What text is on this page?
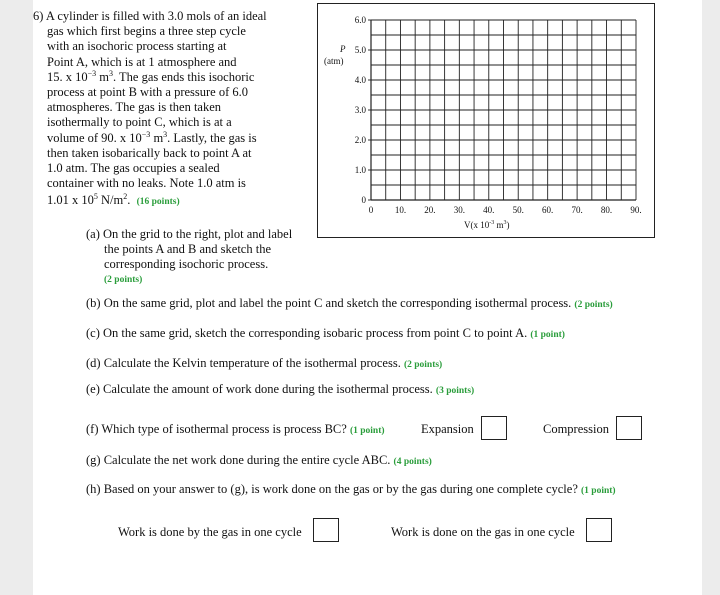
6) A cylinder is filled with 3.0 mols of an ideal
gas which first begins a three step cycle
with an isochoric process starting at
Point A, which is at 1 atmosphere and
15. x $10^{-3}$ $m^3$. The gas ends this isochoric
process at point B with a pressure of 6.0
atmospheres. The gas is then taken
isothermally to point C, which is at a
volume of 90. x $10^{-3}$ $m^3$. Lastly, the gas is
then taken isobarically back to point A at
1.0 atm. The gas occupies a sealed
container with no leaks. Note 1.0 atm is
1.01 x $10^5$ $N/m^2$. (16 points)
P
(atm)
V(x $10^{-3}$ $m^3$)
6.0
5.0
4.0
3.0
2.0
1.0
0
0 10. 20. 30. 40. 50. 60. 70. 80. 90.
(a) On the grid to the right, plot and label
the points A and B and sketch the
corresponding isochoric process.
(2 points)
(b) On the same grid, plot and label the point C and sketch the corresponding isothermal process. (2 points)
(c) On the same grid, sketch the corresponding isobaric process from point C to point A. (1 point)
(d) Calculate the Kelvin temperature of the isothermal process. (2 points)
(e) Calculate the amount of work done during the isothermal process. (3 points)
(f) Which type of isothermal process is process BC? (1 point)	Expansion	Compression
(g) Calculate the net work done during the entire cycle ABC. (4 points)
(h) Based on your answer to (g), is work done on the gas or by the gas during one complete cycle? (1 point)
Work is done by the gas in one cycle	Work is done on the gas in one cycle
